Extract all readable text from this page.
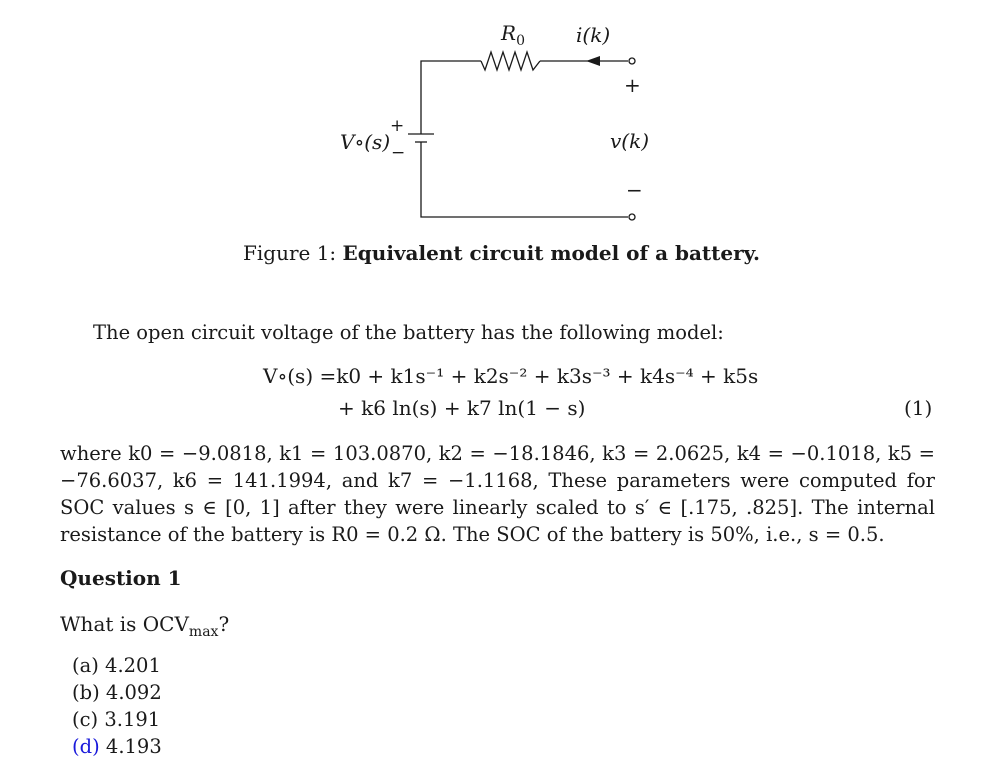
$R_0$	i(k)
V∘(s)
+
−
+
v(k)
−
Figure 1: Equivalent circuit model of a battery.
The open circuit voltage of the battery has the following model:
V∘(s) =k0 + k1s⁻¹ + k2s⁻² + k3s⁻³ + k4s⁻⁴ + k5s
+ k6 ln(s) + k7 ln(1 − s)	(1)
where k0 = −9.0818, k1 = 103.0870, k2 = −18.1846, k3 = 2.0625, k4 = −0.1018, k5 = −76.6037, k6 = 141.1994, and k7 = −1.1168, These parameters were computed for SOC values s ∈ [0, 1] after they were linearly scaled to s′ ∈ [.175, .825]. The internal resistance of the battery is R0 = 0.2 Ω. The SOC of the battery is 50%, i.e., s = 0.5.
Question 1
What is $OCV_{max}$?
(a) 4.201
(b) 4.092
(c) 3.191
(d) 4.193
